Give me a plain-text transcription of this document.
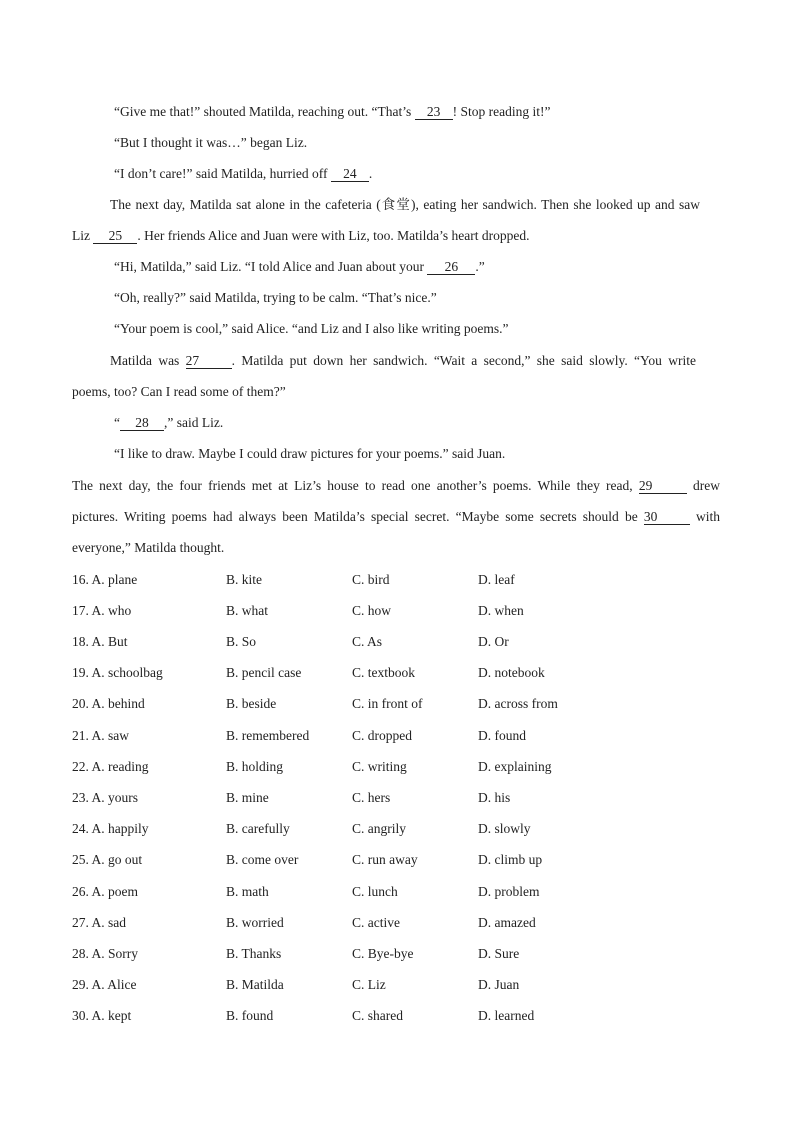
“Give me that!” shouted Matilda, reaching out. “That’s 23 ! Stop reading it!”
“But I thought it was…” began Liz.
“I don’t care!” said Matilda, hurried off 24 .
The next day, Matilda sat alone in the cafeteria (食堂), eating her sandwich. Then she looked up and saw
Liz 25 . Her friends Alice and Juan were with Liz, too. Matilda’s heart dropped.
“Hi, Matilda,” said Liz. “I told Alice and Juan about your 26 .”
“Oh, really?” said Matilda, trying to be calm. “That’s nice.”
“Your poem is cool,” said Alice. “and Liz and I also like writing poems.”
Matilda was 27 . Matilda put down her sandwich. “Wait a second,” she said slowly. “You write
poems, too? Can I read some of them?”
“ 28 ,” said Liz.
“I like to draw. Maybe I could draw pictures for your poems.” said Juan.
The next day, the four friends met at Liz’s house to read one another’s poems. While they read, 29	drew
pictures. Writing poems had always been Matilda’s special secret. “Maybe some secrets should be 30 with
everyone,” Matilda thought.
16. A. plane	B. kite	C. bird	D. leaf
17. A. who	B. what	C. how	D. when
18. A. But	B. So	C. As	D. Or
19. A. schoolbag	B. pencil case	C. textbook	D. notebook
20. A. behind	B. beside	C. in front of	D. across from
21. A. saw	B. remembered	C. dropped	D. found
22. A. reading	B. holding	C. writing	D. explaining
23. A. yours	B. mine	C. hers	D. his
24. A. happily	B. carefully	C. angrily	D. slowly
25. A. go out	B. come over	C. run away	D. climb up
26. A. poem	B. math	C. lunch	D. problem
27. A. sad	B. worried	C. active	D. amazed
28. A. Sorry	B. Thanks	C. Bye-bye	D. Sure
29. A. Alice	B. Matilda	C. Liz	D. Juan
30. A. kept	B. found	C. shared	D. learned
